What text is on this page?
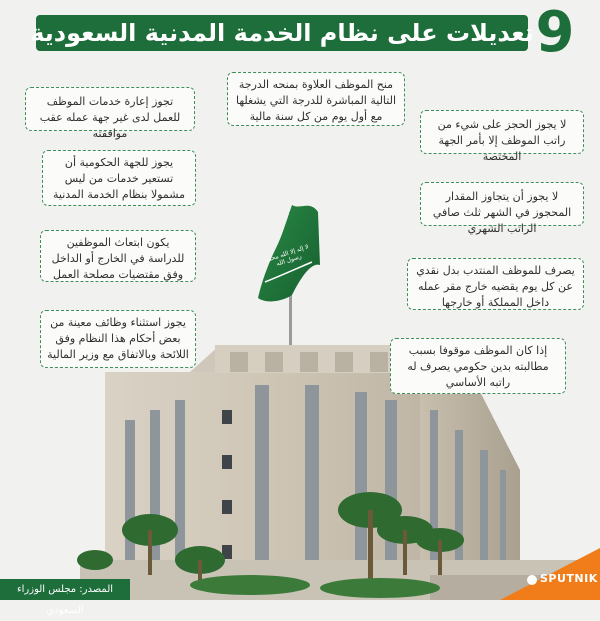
لا إله إلا الله محمد رسول الله
تعديلات على نظام الخدمة المدنية السعودية 9
منح الموظف العلاوة بمنحه الدرجة التالية المباشرة للدرجة التي يشغلها مع أول يوم من كل سنة مالية
تجوز إعارة خدمات الموظف للعمل لدى غير جهة عمله عقب موافقته
يجوز للجهة الحكومية أن تستعير خدمات من ليس مشمولا بنظام الخدمة المدنية
يكون ابتعاث الموظفين للدراسة في الخارج أو الداخل وفق مقتضيات مصلحة العمل
يجوز استثناء وظائف معينة من بعض أحكام هذا النظام وفق اللائحة وبالاتفاق مع وزير المالية
لا يجوز الحجز على شيء من راتب الموظف إلا بأمر الجهة المختصة
لا يجوز أن يتجاوز المقدار المحجوز في الشهر ثلث صافي الراتب الشهري
يصرف للموظف المنتدب بدل نقدي عن كل يوم يقضيه خارج مقر عمله داخل المملكة أو خارجها
إذا كان الموظف موقوفا بسبب مطالبته بدين حكومي يصرف له راتبه الأساسي
المصدر: مجلس الوزراء السعودي
SPUTNIK
